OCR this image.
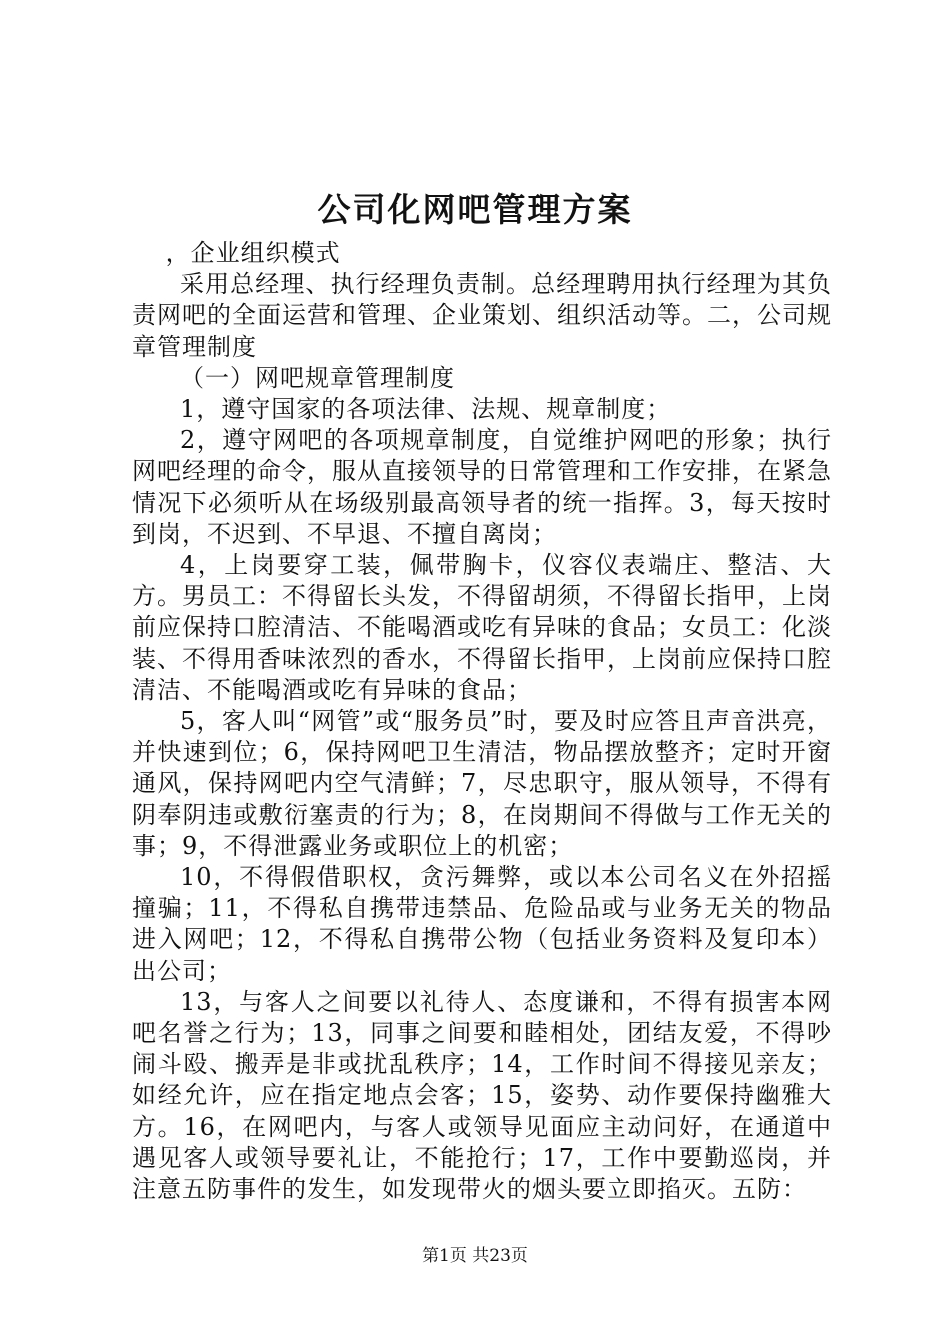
公司化网吧管理方案

，企业组织模式

采用总经理、执行经理负责制。总经理聘用执行经理为其负责网吧的全面运营和管理、企业策划、组织活动等。二，公司规章管理制度

（一）网吧规章管理制度

1，遵守国家的各项法律、法规、规章制度；

2，遵守网吧的各项规章制度，自觉维护网吧的形象；执行网吧经理的命令，服从直接领导的日常管理和工作安排，在紧急情况下必须听从在场级别最高领导者的统一指挥。3，每天按时到岗，不迟到、不早退、不擅自离岗；

4，上岗要穿工装，佩带胸卡，仪容仪表端庄、整洁、大方。男员工：不得留长头发，不得留胡须，不得留长指甲，上岗前应保持口腔清洁、不能喝酒或吃有异味的食品；女员工：化淡装、不得用香味浓烈的香水，不得留长指甲，上岗前应保持口腔清洁、不能喝酒或吃有异味的食品；

5，客人叫“网管”或“服务员”时，要及时应答且声音洪亮，并快速到位；6，保持网吧卫生清洁，物品摆放整齐；定时开窗通风，保持网吧内空气清鲜；7，尽忠职守，服从领导，不得有阴奉阴违或敷衍塞责的行为；8，在岗期间不得做与工作无关的事；9，不得泄露业务或职位上的机密；

10，不得假借职权，贪污舞弊，或以本公司名义在外招摇撞骗；11，不得私自携带违禁品、危险品或与业务无关的物品进入网吧；12，不得私自携带公物（包括业务资料及复印本）出公司；

13，与客人之间要以礼待人、态度谦和，不得有损害本网吧名誉之行为；13，同事之间要和睦相处，团结友爱，不得吵闹斗殴、搬弄是非或扰乱秩序；14，工作时间不得接见亲友；如经允许，应在指定地点会客；15，姿势、动作要保持幽雅大方。16，在网吧内，与客人或领导见面应主动问好，在通道中遇见客人或领导要礼让，不能抢行；17，工作中要勤巡岗，并注意五防事件的发生，如发现带火的烟头要立即掐灭。五防：

第1页 共23页
